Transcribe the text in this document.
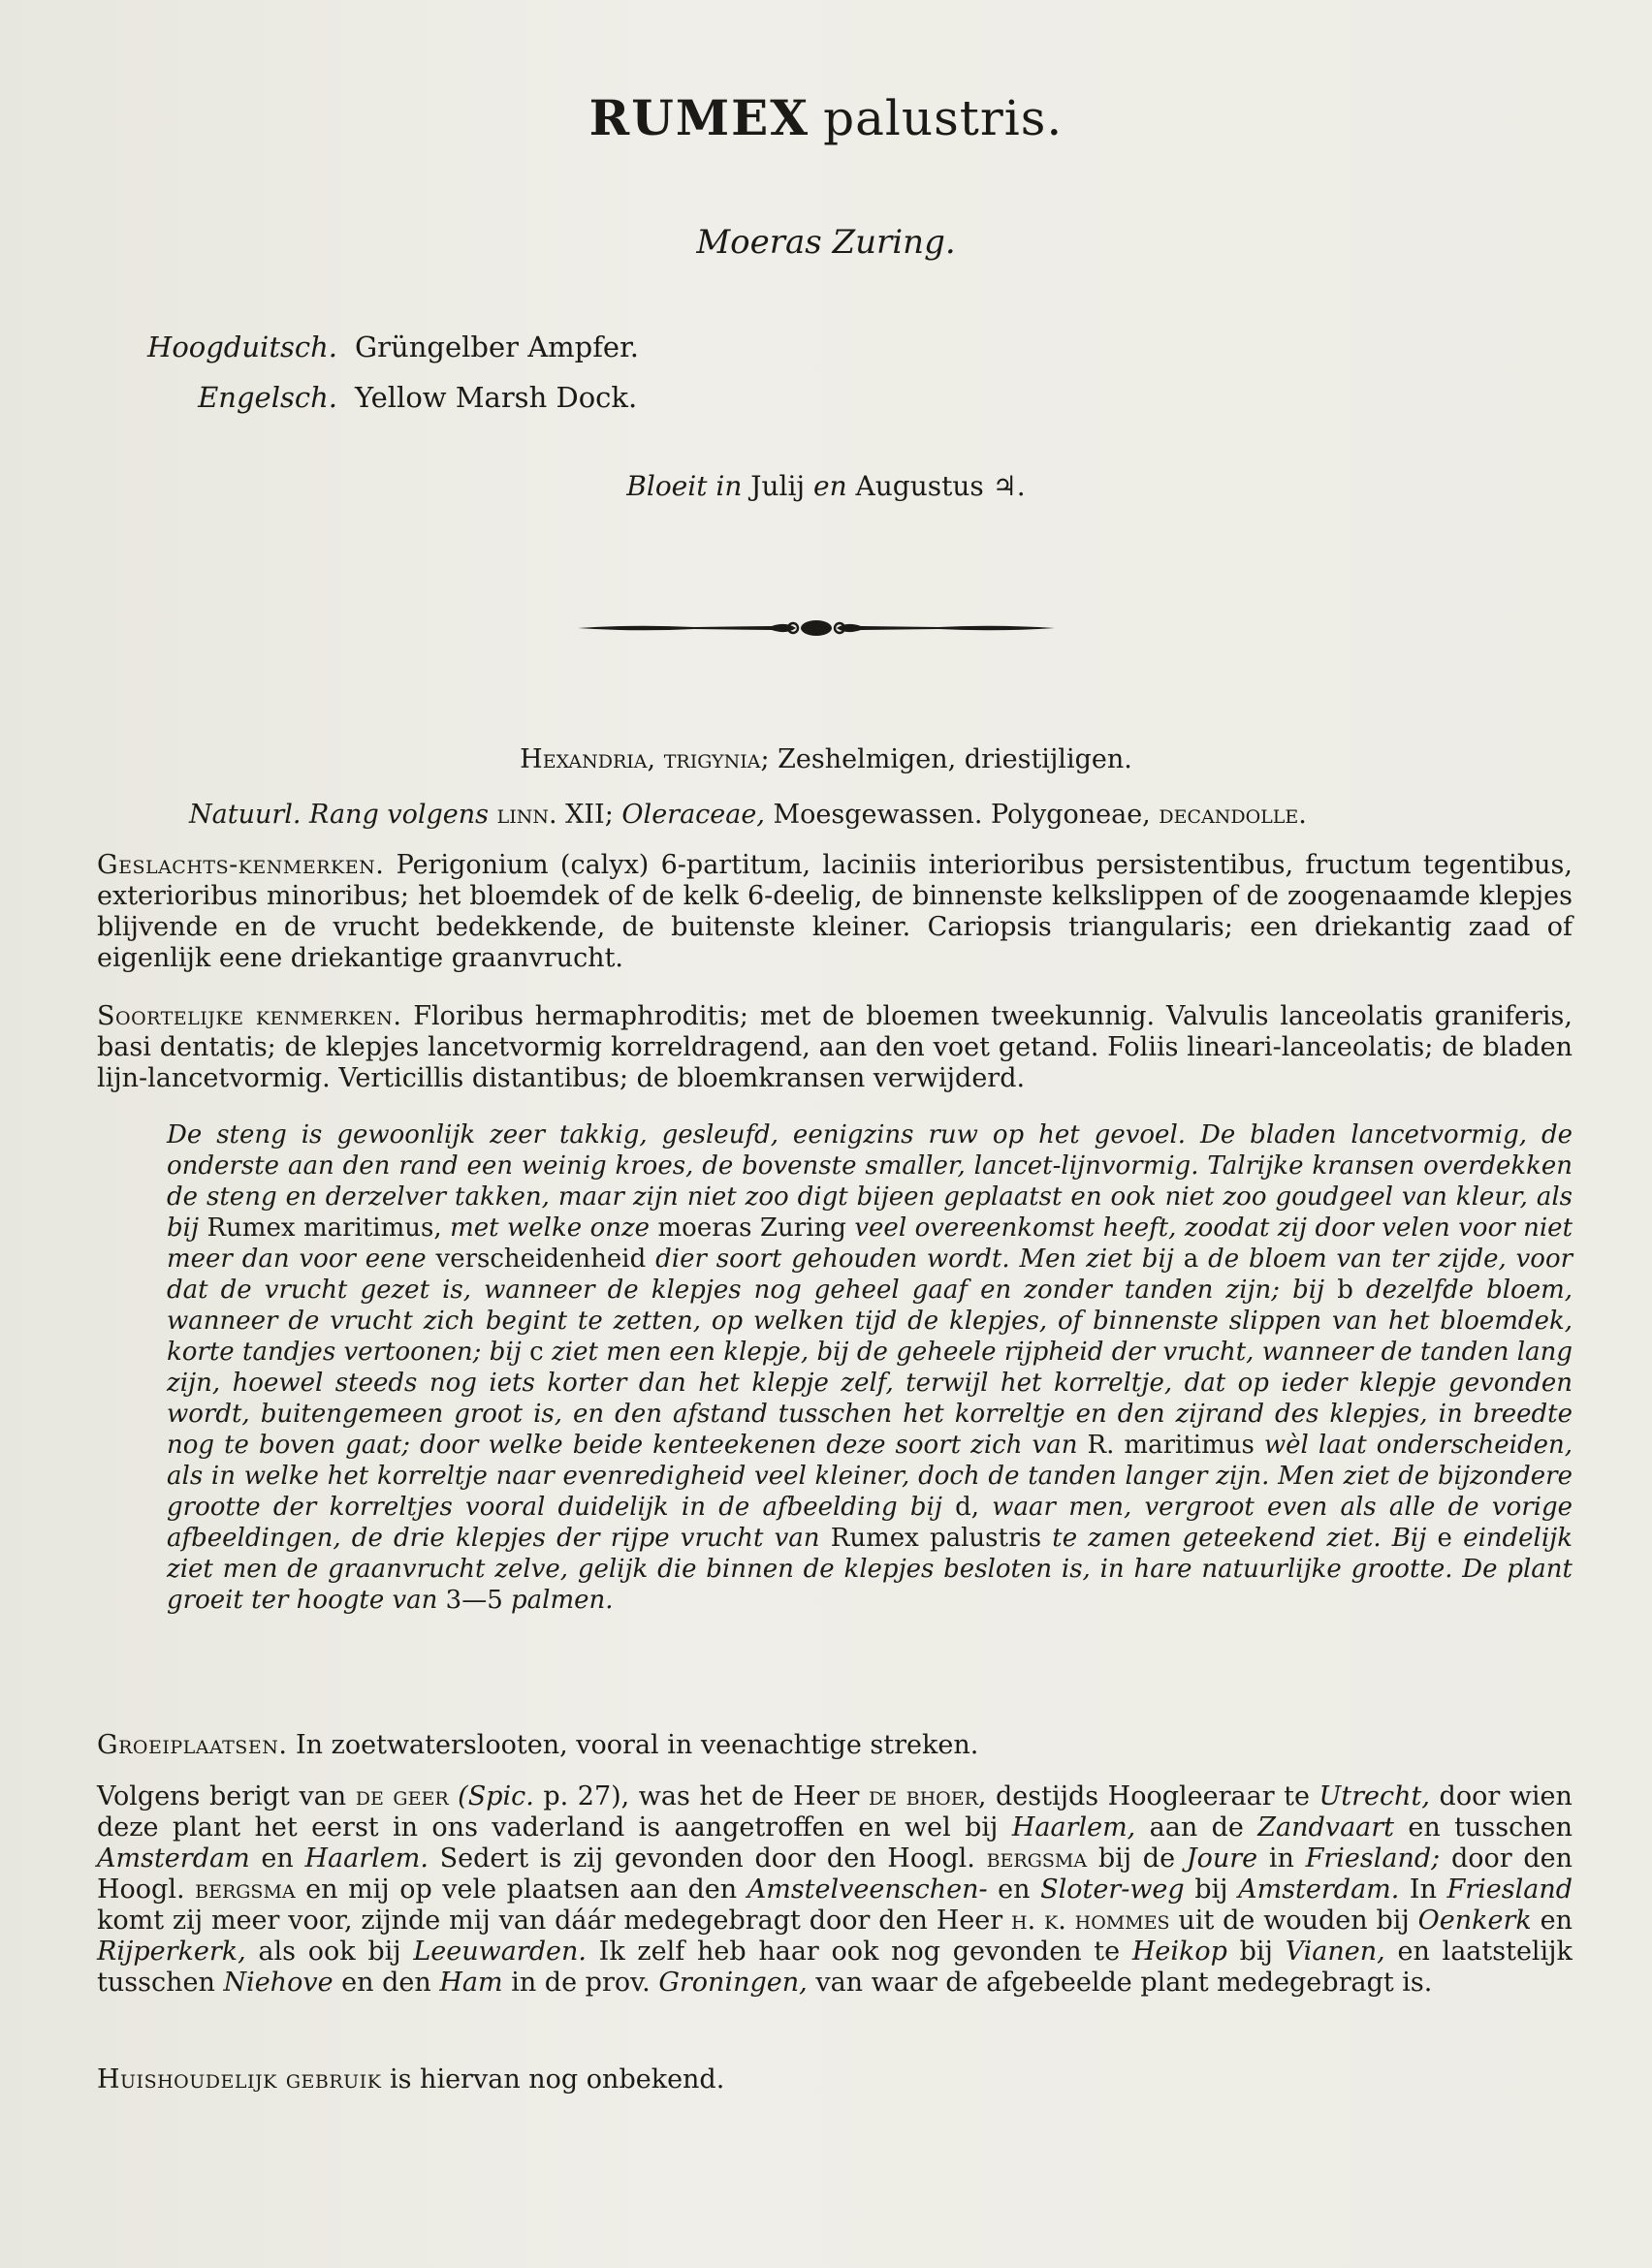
RUMEX palustris.
Moeras Zuring.
Hoogduitsch. Grüngelber Ampfer.
Engelsch. Yellow Marsh Dock.
Bloeit in Julij en Augustus ♃.
Hexandria, trigynia; Zeshelmigen, driestijligen.
Natuurl. Rang volgens linn. XII; Oleraceae, Moesgewassen. Polygoneae, decandolle.
Geslachts-kenmerken. Perigonium (calyx) 6-partitum, laciniis interioribus persistentibus, fructum tegentibus, exterioribus minoribus; het bloemdek of de kelk 6-deelig, de binnenste kelkslippen of de zoogenaamde klepjes blijvende en de vrucht bedekkende, de buitenste kleiner. Cariopsis triangularis; een driekantig zaad of eigenlijk eene driekantige graanvrucht.
Soortelijke kenmerken. Floribus hermaphroditis; met de bloemen tweekunnig. Valvulis lanceolatis graniferis, basi dentatis; de klepjes lancetvormig korreldragend, aan den voet getand. Foliis lineari-lanceolatis; de bladen lijn-lancetvormig. Verticillis distantibus; de bloemkransen verwijderd.
De steng is gewoonlijk zeer takkig, gesleufd, eenigzins ruw op het gevoel. De bladen lancetvormig, de onderste aan den rand een weinig kroes, de bovenste smaller, lancet-lijnvormig. Talrijke kransen overdekken de steng en derzelver takken, maar zijn niet zoo digt bijeen geplaatst en ook niet zoo goudgeel van kleur, als bij Rumex maritimus, met welke onze moeras Zuring veel overeenkomst heeft, zoodat zij door velen voor niet meer dan voor eene verscheidenheid dier soort gehouden wordt. Men ziet bij a de bloem van ter zijde, voor dat de vrucht gezet is, wanneer de klepjes nog geheel gaaf en zonder tanden zijn; bij b dezelfde bloem, wanneer de vrucht zich begint te zetten, op welken tijd de klepjes, of binnenste slippen van het bloemdek, korte tandjes vertoonen; bij c ziet men een klepje, bij de geheele rijpheid der vrucht, wanneer de tanden lang zijn, hoewel steeds nog iets korter dan het klepje zelf, terwijl het korreltje, dat op ieder klepje gevonden wordt, buitengemeen groot is, en den afstand tusschen het korreltje en den zijrand des klepjes, in breedte nog te boven gaat; door welke beide kenteekenen deze soort zich van R. maritimus wèl laat onderscheiden, als in welke het korreltje naar evenredigheid veel kleiner, doch de tanden langer zijn. Men ziet de bijzondere grootte der korreltjes vooral duidelijk in de afbeelding bij d, waar men, vergroot even als alle de vorige afbeeldingen, de drie klepjes der rijpe vrucht van Rumex palustris te zamen geteekend ziet. Bij e eindelijk ziet men de graanvrucht zelve, gelijk die binnen de klepjes besloten is, in hare natuurlijke grootte. De plant groeit ter hoogte van 3—5 palmen.
Groeiplaatsen. In zoetwaterslooten, vooral in veenachtige streken.
Volgens berigt van de geer (Spic. p. 27), was het de Heer de bhoer, destijds Hoogleeraar te Utrecht, door wien deze plant het eerst in ons vaderland is aangetroffen en wel bij Haarlem, aan de Zandvaart en tusschen Amsterdam en Haarlem. Sedert is zij gevonden door den Hoogl. bergsma bij de Joure in Friesland; door den Hoogl. bergsma en mij op vele plaatsen aan den Amstelveenschen- en Sloter-weg bij Amsterdam. In Friesland komt zij meer voor, zijnde mij van dáár medegebragt door den Heer h. k. hommes uit de wouden bij Oenkerk en Rijperkerk, als ook bij Leeuwarden. Ik zelf heb haar ook nog gevonden te Heikop bij Vianen, en laatstelijk tusschen Niehove en den Ham in de prov. Groningen, van waar de afgebeelde plant medegebragt is.
Huishoudelijk gebruik is hiervan nog onbekend.
